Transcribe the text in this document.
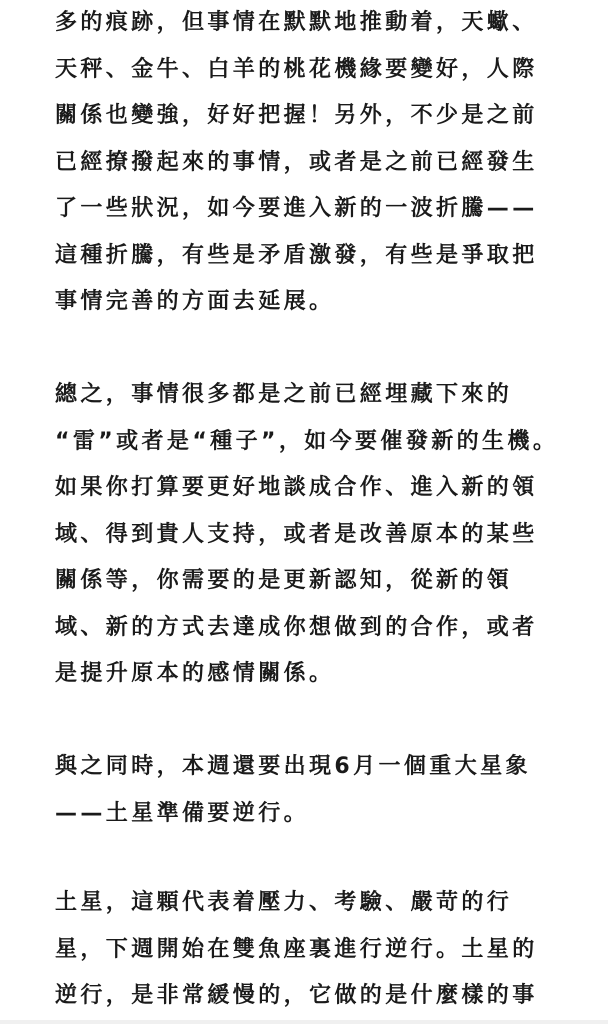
多的痕跡，但事情在默默地推動着，天蠍、
天秤、金牛、白羊的桃花機緣要變好，人際
關係也變強，好好把握！另外，不少是之前
已經撩撥起來的事情，或者是之前已經發生
了一些狀況，如今要進入新的一波折騰——
這種折騰，有些是矛盾激發，有些是爭取把
事情完善的方面去延展。
總之，事情很多都是之前已經埋藏下來的
“雷”或者是“種子”，如今要催發新的生機。
如果你打算要更好地談成合作、進入新的領
域、得到貴人支持，或者是改善原本的某些
關係等，你需要的是更新認知，從新的領
域、新的方式去達成你想做到的合作，或者
是提升原本的感情關係。
與之同時，本週還要出現6月一個重大星象
——土星準備要逆行。
土星，這顆代表着壓力、考驗、嚴苛的行
星，下週開始在雙魚座裏進行逆行。土星的
逆行，是非常緩慢的，它做的是什麼樣的事
